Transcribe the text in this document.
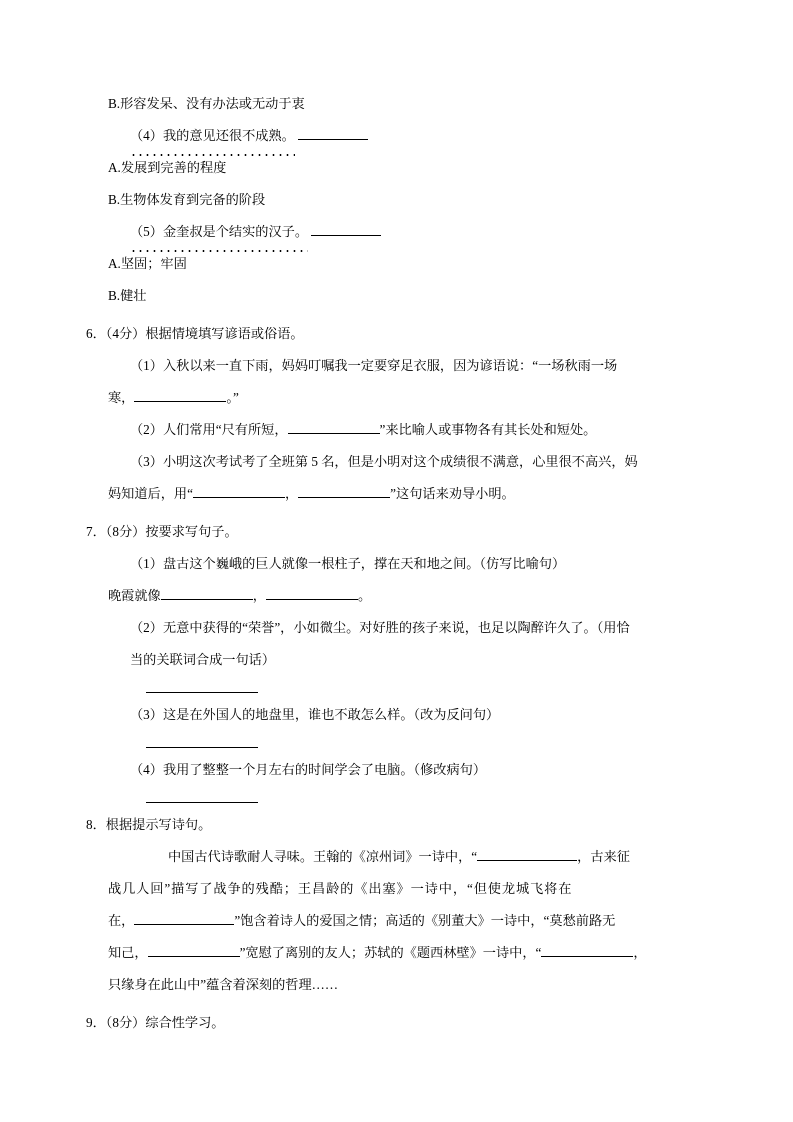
B.形容发呆、没有办法或无动于衷
（4）我的意见还很不成熟。
A.发展到完善的程度
B.生物体发育到完备的阶段
（5）金奎叔是个结实的汉子。
A.坚固；牢固
B.健壮
6．（4分）根据情境填写谚语或俗语。
（1）入秋以来一直下雨，妈妈叮嘱我一定要穿足衣服，因为谚语说：“一场秋雨一场
寒，	。”
（2）人们常用“尺有所短，	”来比喻人或事物各有其长处和短处。
（3）小明这次考试考了全班第 5 名，但是小明对这个成绩很不满意，心里很不高兴，妈
妈知道后，用“	，	”这句话来劝导小明。
7．（8分）按要求写句子。
（1）盘古这个巍峨的巨人就像一根柱子，撑在天和地之间。（仿写比喻句）
晚霞就像	，	。
（2）无意中获得的“荣誉”，小如微尘。对好胜的孩子来说，也足以陶醉许久了。（用恰
当的关联词合成一句话）
（3）这是在外国人的地盘里，谁也不敢怎么样。（改为反问句）
（4）我用了整整一个月左右的时间学会了电脑。（修改病句）
8．根据提示写诗句。
中国古代诗歌耐人寻味。王翰的《凉州词》一诗中，“	，古来征
战几人回”描写了战争的残酷；王昌龄的《出塞》一诗中，“但使龙城飞将在
在，	”饱含着诗人的爱国之情；高适的《别董大》一诗中，“莫愁前路无
知己，	”宽慰了离别的友人；苏轼的《题西林壁》一诗中，“	，
只缘身在此山中”蕴含着深刻的哲理……
9．（8分）综合性学习。
